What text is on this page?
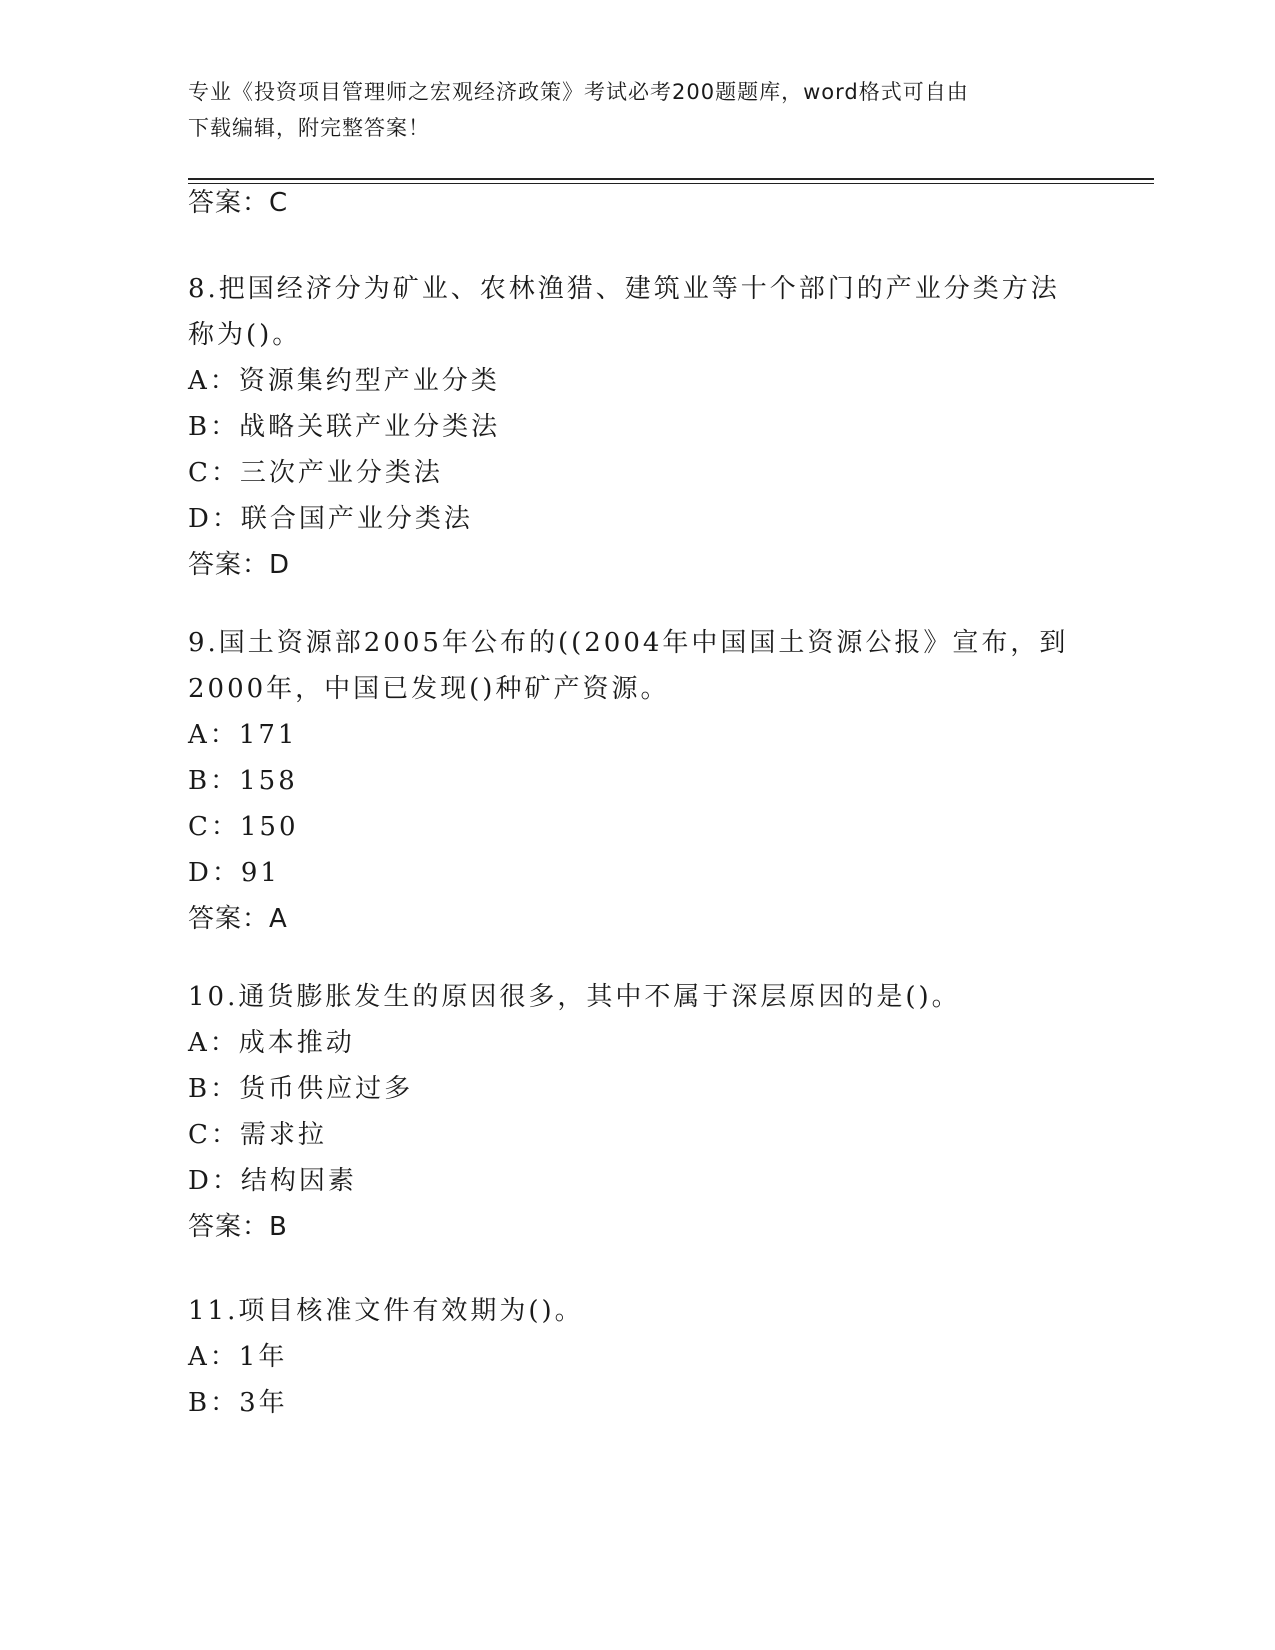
专业《投资项目管理师之宏观经济政策》考试必考200题题库，word格式可自由
下载编辑，附完整答案！
答案：C
8.把国经济分为矿业、农林渔猎、建筑业等十个部门的产业分类方法
称为()。
A：资源集约型产业分类
B：战略关联产业分类法
C：三次产业分类法
D：联合国产业分类法
答案：D
9.国土资源部2005年公布的((2004年中国国土资源公报》宣布，到
2000年，中国已发现()种矿产资源。
A：171
B：158
C：150
D：91
答案：A
10.通货膨胀发生的原因很多，其中不属于深层原因的是()。
A：成本推动
B：货币供应过多
C：需求拉
D：结构因素
答案：B
11.项目核准文件有效期为()。
A：1年
B：3年
